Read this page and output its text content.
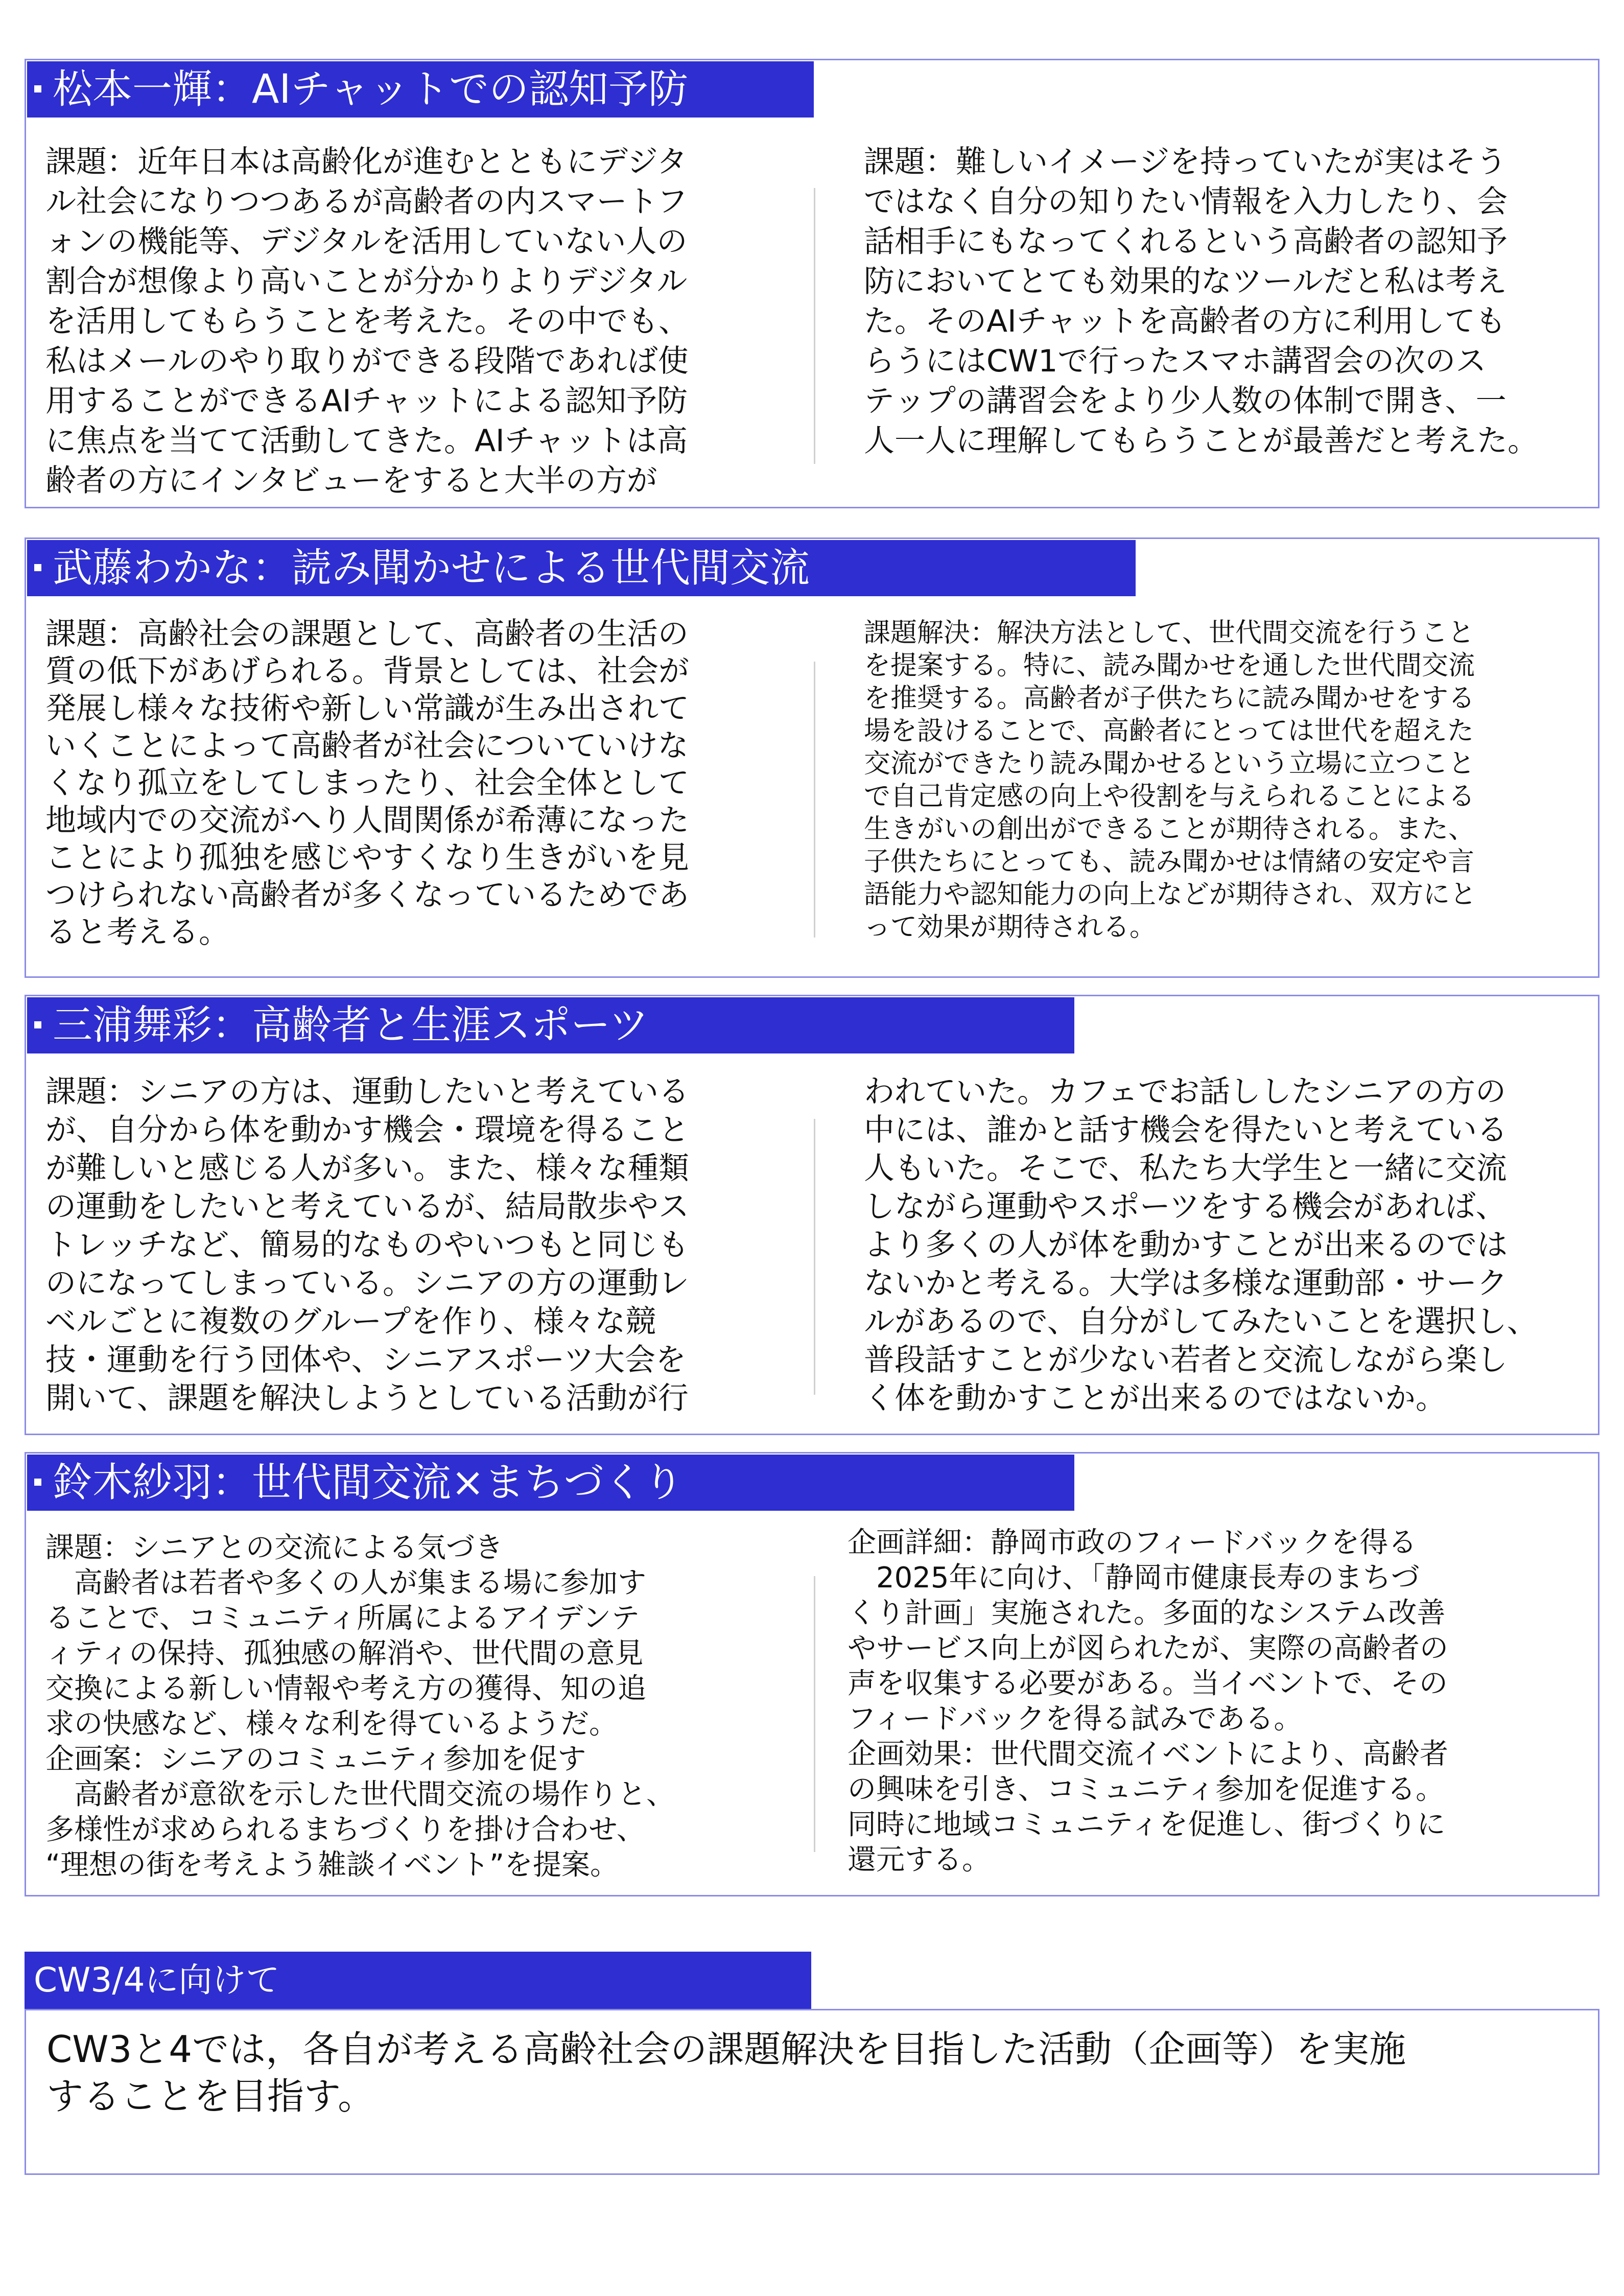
松本一輝：AIチャットでの認知予防
課題：近年日本は高齢化が進むとともにデジタ
ル社会になりつつあるが高齢者の内スマートフ
ォンの機能等、デジタルを活用していない人の
割合が想像より高いことが分かりよりデジタル
を活用してもらうことを考えた。その中でも、
私はメールのやり取りができる段階であれば使
用することができるAIチャットによる認知予防
に焦点を当てて活動してきた。AIチャットは高
齢者の方にインタビューをすると大半の方が
課題：難しいイメージを持っていたが実はそう
ではなく自分の知りたい情報を入力したり、会
話相手にもなってくれるという高齢者の認知予
防においてとても効果的なツールだと私は考え
た。そのAIチャットを高齢者の方に利用しても
らうにはCW1で行ったスマホ講習会の次のス
テップの講習会をより少人数の体制で開き、一
人一人に理解してもらうことが最善だと考えた。
武藤わかな：読み聞かせによる世代間交流
課題：高齢社会の課題として、高齢者の生活の
質の低下があげられる。背景としては、社会が
発展し様々な技術や新しい常識が生み出されて
いくことによって高齢者が社会についていけな
くなり孤立をしてしまったり、社会全体として
地域内での交流がへり人間関係が希薄になった
ことにより孤独を感じやすくなり生きがいを見
つけられない高齢者が多くなっているためであ
ると考える。
課題解決：解決方法として、世代間交流を行うこと
を提案する。特に、読み聞かせを通した世代間交流
を推奨する。高齢者が子供たちに読み聞かせをする
場を設けることで、高齢者にとっては世代を超えた
交流ができたり読み聞かせるという立場に立つこと
で自己肯定感の向上や役割を与えられることによる
生きがいの創出ができることが期待される。また、
子供たちにとっても、読み聞かせは情緒の安定や言
語能力や認知能力の向上などが期待され、双方にと
って効果が期待される。
三浦舞彩：高齢者と生涯スポーツ
課題：シニアの方は、運動したいと考えている
が、自分から体を動かす機会・環境を得ること
が難しいと感じる人が多い。また、様々な種類
の運動をしたいと考えているが、結局散歩やス
トレッチなど、簡易的なものやいつもと同じも
のになってしまっている。シニアの方の運動レ
ベルごとに複数のグループを作り、様々な競
技・運動を行う団体や、シニアスポーツ大会を
開いて、課題を解決しようとしている活動が行
われていた。カフェでお話ししたシニアの方の
中には、誰かと話す機会を得たいと考えている
人もいた。そこで、私たち大学生と一緒に交流
しながら運動やスポーツをする機会があれば、
より多くの人が体を動かすことが出来るのでは
ないかと考える。大学は多様な運動部・サーク
ルがあるので、自分がしてみたいことを選択し、
普段話すことが少ない若者と交流しながら楽し
く体を動かすことが出来るのではないか。
鈴木紗羽：世代間交流×まちづくり
課題：シニアとの交流による気づき
　高齢者は若者や多くの人が集まる場に参加す
ることで、コミュニティ所属によるアイデンテ
ィティの保持、孤独感の解消や、世代間の意見
交換による新しい情報や考え方の獲得、知の追
求の快感など、様々な利を得ているようだ。
企画案：シニアのコミュニティ参加を促す
　高齢者が意欲を示した世代間交流の場作りと、
多様性が求められるまちづくりを掛け合わせ、
“理想の街を考えよう雑談イベント”を提案。
企画詳細：静岡市政のフィードバックを得る
　2025年に向け、「静岡市健康長寿のまちづ
くり計画」実施された。多面的なシステム改善
やサービス向上が図られたが、実際の高齢者の
声を収集する必要がある。当イベントで、その
フィードバックを得る試みである。
企画効果：世代間交流イベントにより、高齢者
の興味を引き、コミュニティ参加を促進する。
同時に地域コミュニティを促進し、街づくりに
還元する。
CW3/4に向けて
CW3と4では，各自が考える高齢社会の課題解決を目指した活動（企画等）を実施
することを目指す。
